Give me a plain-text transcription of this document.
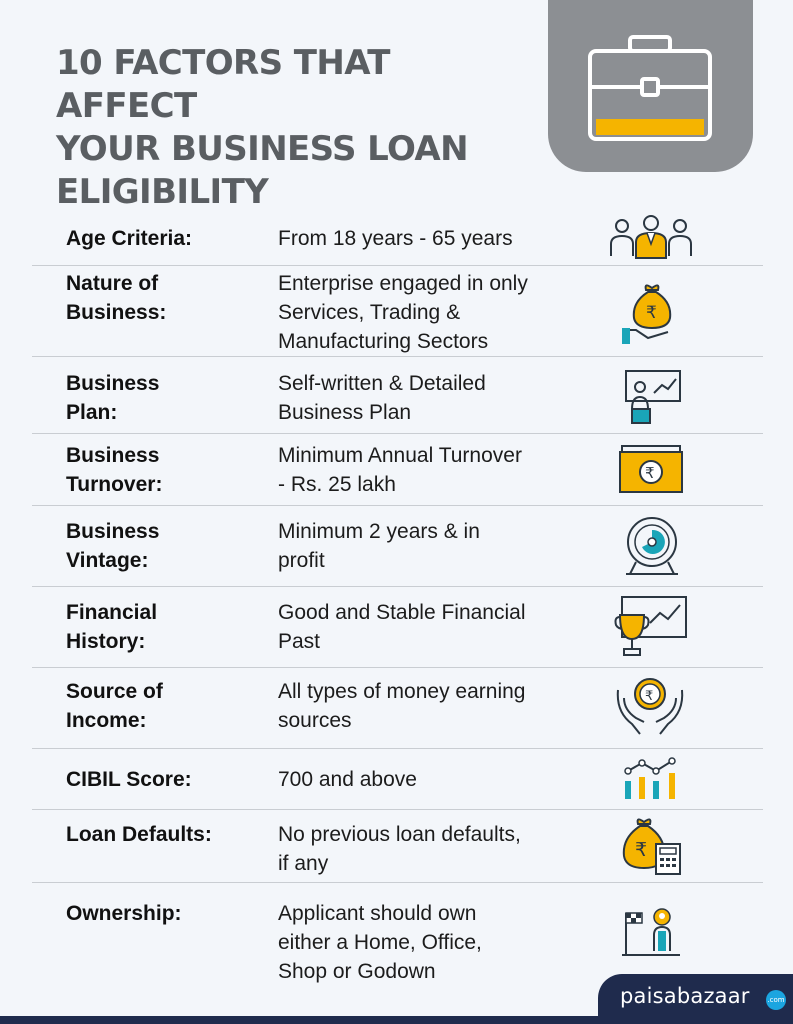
10 FACTORS THAT AFFECT
YOUR BUSINESS LOAN
ELIGIBILITY
Age Criteria:	From 18 years - 65 years
Nature of Business:
Enterprise engaged in only Services, Trading & Manufacturing Sectors
₹
Business Plan:
Self-written & Detailed Business Plan
Business Turnover:
Minimum Annual Turnover - Rs. 25 lakh	₹
Business Vintage:
Minimum 2 years & in profit
Financial History:
Good and Stable Financial Past
Source of Income:
All types of money earning sources
₹
CIBIL Score:	700 and above
Loan Defaults:	No previous loan defaults, if any
₹
Ownership:	Applicant should own either a Home, Office, Shop or Godown
paisabazaar	.com
